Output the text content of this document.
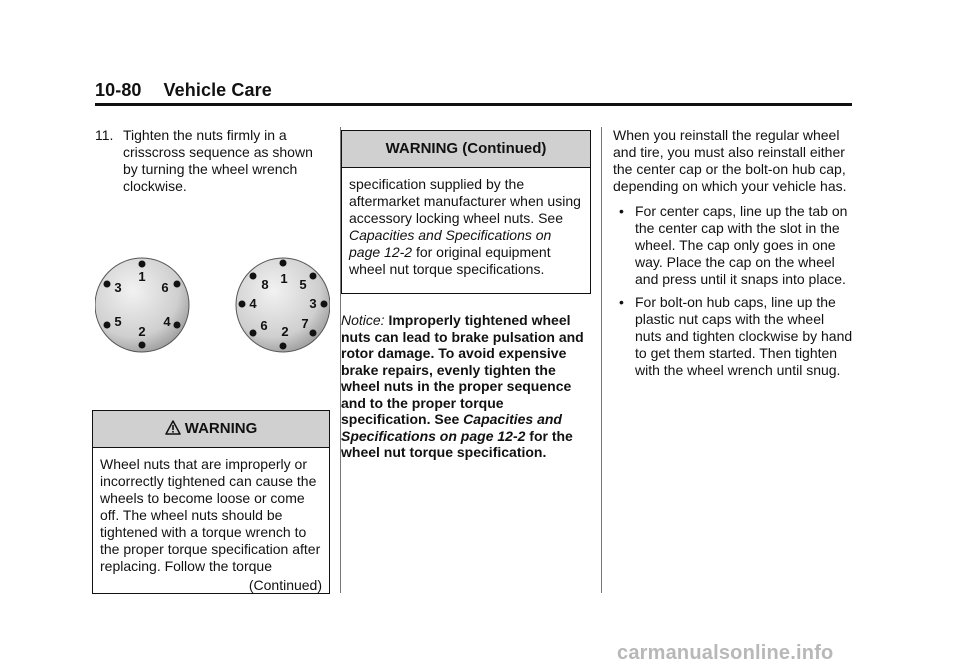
10-80 Vehicle Care
11. Tighten the nuts firmly in a crisscross sequence as shown by turning the wheel wrench clockwise.
1
2
3
4
5
6
1
2
3
4
5
6	7
8
WARNING
Wheel nuts that are improperly or incorrectly tightened can cause the wheels to become loose or come off. The wheel nuts should be tightened with a torque wrench to the proper torque specification after replacing. Follow the torque
(Continued)
WARNING (Continued)
specification supplied by the aftermarket manufacturer when using accessory locking wheel nuts. See Capacities and Specifications on page 12-2 for original equipment wheel nut torque specifications.
Notice: Improperly tightened wheel nuts can lead to brake pulsation and rotor damage. To avoid expensive brake repairs, evenly tighten the wheel nuts in the proper sequence and to the proper torque specification. See Capacities and Specifications on page 12-2 for the wheel nut torque specification.

When you reinstall the regular wheel and tire, you must also reinstall either the center cap or the bolt-on hub cap, depending on which your vehicle has.

• For center caps, line up the tab on the center cap with the slot in the wheel. The cap only goes in one way. Place the cap on the wheel and press until it snaps into place.
• For bolt-on hub caps, line up the plastic nut caps with the wheel nuts and tighten clockwise by hand to get them started. Then tighten with the wheel wrench until snug.
carmanualsonline.info
